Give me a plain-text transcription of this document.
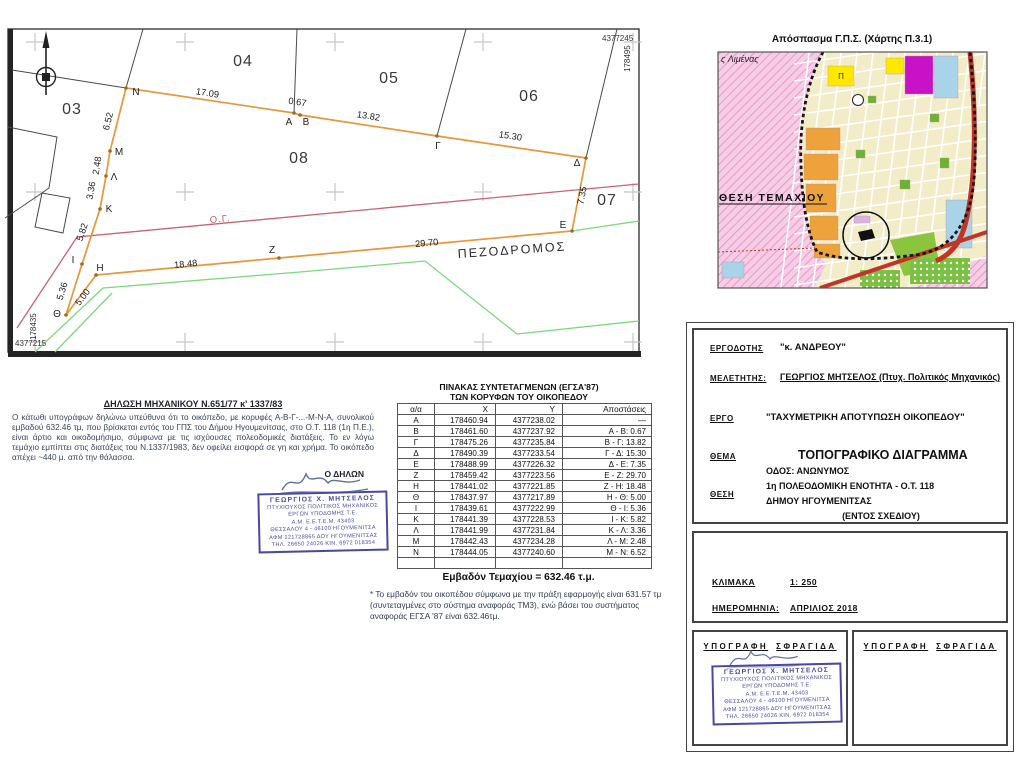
4377245
178495
4377215
178435
ΠΕΖΟΔΡΟΜΟΣ
Ο.Γ.
Ν
Α Β
Γ
Δ
Ε
Ζ
Η
Θ
Ι
Κ
Λ
Μ
03
04
05
06
07
08
17.09
0.67
13.82
15.30
7.35
29.70
18.48
5.00
5.36
5.82
3.36
2.48
6.52
Απόσπασμα Γ.Π.Σ. (Χάρτης Π.3.1)
ς Λιμένας
Π
ΘΕΣΗ ΤΕΜΑΧΙΟΥ
ΔΗΛΩΣΗ ΜΗΧΑΝΙΚΟΥ Ν.651/77 κ' 1337/83
Ο κάτωθι υπογράφων δηλώνω υπεύθυνα ότι το οικόπεδο, με κορυφές Α-Β-Γ-...-Μ-Ν-Α, συνολικού εμβαδού 632.46 τμ, που βρίσκεται εντός του ΓΠΣ του Δήμου Ηγουμενίτσας, στο Ο.Τ. 118 (1η Π.Ε.), είναι άρτιο και οικοδομήσιμο, σύμφωνα με τις ισχύουσες πολεοδομικές διατάξεις. Το εν λόγω τεμάχιο εμπίπτει στις διατάξεις του Ν.1337/1983, δεν οφείλει εισφορά σε γη και χρήμα. Το οικόπεδο απέχει ~440 μ. από την θάλασσα.
Ο ΔΗΛΩΝ
ΓΕΩΡΓΙΟΣ Χ. ΜΗΤΣΕΛΟΣ
ΠΤΥΧΙΟΥΧΟΣ ΠΟΛΙΤΙΚΟΣ ΜΗΧΑΝΙΚΟΣ
ΕΡΓΩΝ ΥΠΟΔΟΜΗΣ Τ.Ε.
Α.Μ. Ε.Ε.Τ.Ε.Μ. 43403
ΘΕΣΣΑΛΟΥ 4 - 46100 ΗΓΟΥΜΕΝΙΤΣΑ
ΑΦΜ 121728865 ΔΟΥ ΗΓΟΥΜΕΝΙΤΣΑΣ
ΤΗΛ. 26650 24026 ΚΙΝ. 6972 018354
ΠΙΝΑΚΑΣ ΣΥΝΤΕΤΑΓΜΕΝΩΝ (ΕΓΣΑ'87)
ΤΩΝ ΚΟΡΥΦΩΝ ΤΟΥ ΟΙΚΟΠΕΔΟΥ
α/α	Χ	Υ	Αποστάσεις
Α	178460.94	4377238.02	—
Β	178461.60	4377237.92	Α - Β: 0.67
Γ	178475.26	4377235.84	Β - Γ: 13.82
Δ	178490.39	4377233.54	Γ - Δ: 15.30
Ε	178488.99	4377226.32	Δ - Ε: 7.35
Ζ	178459.42	4377223.56	Ε - Ζ: 29.70
Η	178441.02	4377221.85	Ζ - Η: 18.48
Θ	178437.97	4377217.89	Η - Θ: 5.00
Ι	178439.61	4377222.99	Θ - Ι: 5.36
Κ	178441.39	4377228.53	Ι - Κ: 5.82
Λ	178441.99	4377231.84	Κ - Λ: 3.36
Μ	178442.43	4377234.28	Λ - Μ: 2.48
Ν	178444.05	4377240.60	Μ - Ν: 6.52

Εμβαδόν Τεμαχίου = 632.46 τ.μ.
* Το εμβαδόν του οικοπέδου σύμφωνα με την πράξη εφαρμογής είναι 631.57 τμ (συντεταγμένες στο σύστημα αναφοράς ΤΜ3), ενώ βάσει του συστήματος αναφοράς ΕΓΣΑ '87 είναι 632.46τμ.
ΕΡΓΟΔΟΤΗΣ "κ. ΑΝΔΡΕΟΥ"
ΜΕΛΕΤΗΤΗΣ: ΓΕΩΡΓΙΟΣ ΜΗΤΣΕΛΟΣ (Πτυχ. Πολιτικός Μηχανικός)
ΕΡΓΟ	"ΤΑΧΥΜΕΤΡΙΚΗ ΑΠΟΤΥΠΩΣΗ ΟΙΚΟΠΕΔΟΥ"
ΘΕΜΑ	ΤΟΠΟΓΡΑΦΙΚΟ ΔΙΑΓΡΑΜΜΑ
ΘΕΣΗ
ΟΔΟΣ: ΑΝΩΝΥΜΟΣ
1η ΠΟΛΕΟΔΟΜΙΚΗ ΕΝΟΤΗΤΑ - Ο.Τ. 118
ΔΗΜΟΥ ΗΓΟΥΜΕΝΙΤΣΑΣ
(ΕΝΤΟΣ ΣΧΕΔΙΟΥ)
ΚΛΙΜΑΚΑ	1: 250
ΗΜΕΡΟΜΗΝΙΑ: ΑΠΡΙΛΙΟΣ 2018
ΥΠΟΓΡΑΦΗ ΣΦΡΑΓΙΔΑ
ΓΕΩΡΓΙΟΣ Χ. ΜΗΤΣΕΛΟΣ
ΠΤΥΧΙΟΥΧΟΣ ΠΟΛΙΤΙΚΟΣ ΜΗΧΑΝΙΚΟΣ
ΕΡΓΩΝ ΥΠΟΔΟΜΗΣ Τ.Ε.
Α.Μ. Ε.Ε.Τ.Ε.Μ. 43403
ΘΕΣΣΑΛΟΥ 4 - 46100 ΗΓΟΥΜΕΝΙΤΣΑ
ΑΦΜ 121728865 ΔΟΥ ΗΓΟΥΜΕΝΙΤΣΑΣ
ΤΗΛ. 26650 24026 ΚΙΝ. 6972 018354
ΥΠΟΓΡΑΦΗ ΣΦΡΑΓΙΔΑ
